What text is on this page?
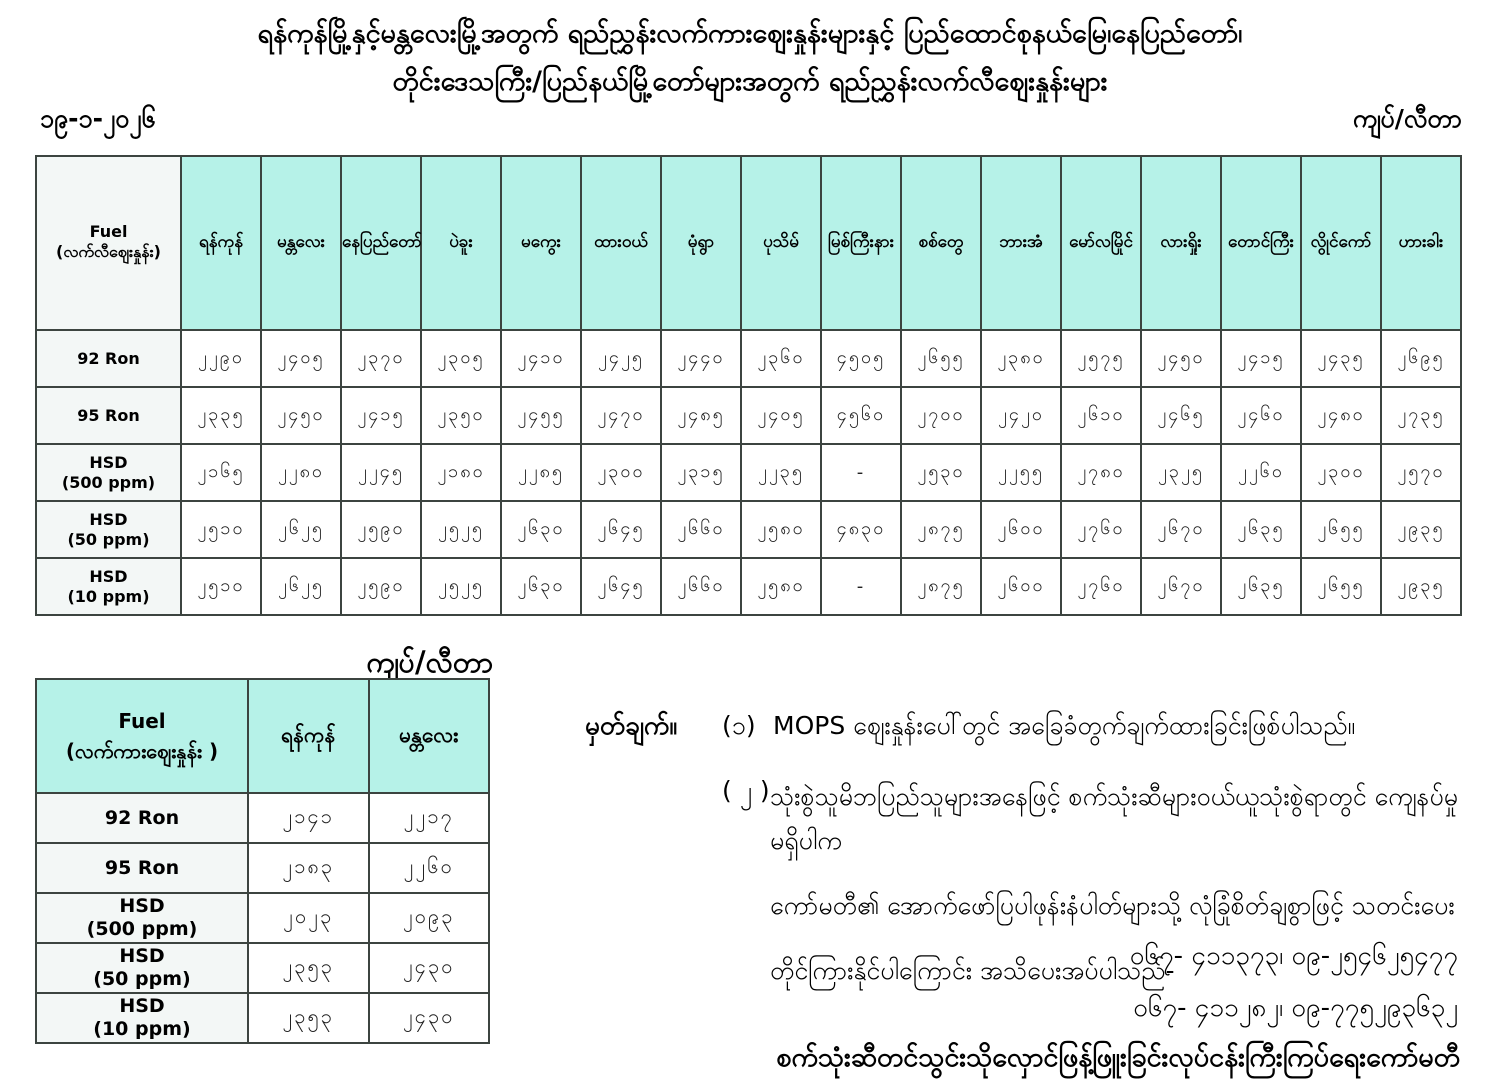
ရန်ကုန်မြို့နှင့်မန္တလေးမြို့အတွက် ရည်ညွှန်းလက်ကားဈေးနှုန်းများနှင့် ပြည်ထောင်စုနယ်မြေ၊နေပြည်တော်၊
တိုင်းဒေသကြီး/ပြည်နယ်မြို့တော်များအတွက် ရည်ညွှန်းလက်လီဈေးနှုန်းများ
၁၉-၁-၂၀၂၆	ကျပ်/လီတာ
Fuel
(လက်လီဈေးနှုန်း)	ရန်ကုန်	မန္တလေး	နေပြည်တော်	ပဲခူး	မကွေး	ထားဝယ်	မုံရွာ	ပုသိမ်	မြစ်ကြီးနား	စစ်တွေ	ဘားအံ	မော်လမြိုင်	လားရှိုး	တောင်ကြီး	လွိုင်ကော်	ဟားခါး

92 Ron	၂၂၉၀	၂၄၀၅	၂၃၇၀	၂၃၀၅	၂၄၁၀	၂၄၂၅	၂၄၄၀	၂၃၆၀	၄၅၀၅	၂၆၅၅	၂၃၈၀	၂၅၇၅	၂၄၅၀	၂၄၁၅	၂၄၃၅	၂၆၉၅

95 Ron	၂၃၃၅	၂၄၅၀	၂၄၁၅	၂၃၅၀	၂၄၅၅	၂၄၇၀	၂၄၈၅	၂၄၀၅	၄၅၆၀	၂၇၀၀	၂၄၂၀	၂၆၁၀	၂၄၆၅	၂၄၆၀	၂၄၈၀	၂၇၃၅

HSD
(500 ppm)	၂၁၆၅	၂၂၈၀	၂၂၄၅	၂၁၈၀	၂၂၈၅	၂၃၀၀	၂၃၁၅	၂၂၃၅	-	၂၅၃၀	၂၂၅၅	၂၇၈၀	၂၃၂၅	၂၂၆၀	၂၃၀၀	၂၅၇၀

HSD
(50 ppm)	၂၅၁၀	၂၆၂၅	၂၅၉၀	၂၅၂၅	၂၆၃၀	၂၆၄၅	၂၆၆၀	၂၅၈၀	၄၈၃၀	၂၈၇၅	၂၆၀၀	၂၇၆၀	၂၆၇၀	၂၆၃၅	၂၆၅၅	၂၉၃၅

HSD
(10 ppm)	၂၅၁၀	၂၆၂၅	၂၅၉၀	၂၅၂၅	၂၆၃၀	၂၆၄၅	၂၆၆၀	၂၅၈၀	-	၂၈၇၅	၂၆၀၀	၂၇၆၀	၂၆၇၀	၂၆၃၅	၂၆၅၅	၂၉၃၅
ကျပ်/လီတာ
Fuel
(လက်ကားဈေးနှုန်း )	ရန်ကုန်	မန္တလေး

92 Ron	၂၁၄၁	၂၂၁၇

95 Ron	၂၁၈၃	၂၂၆၀

HSD
(500 ppm)	၂၀၂၃	၂၀၉၃

HSD
(50 ppm)	၂၃၅၃	၂၄၃၀

HSD
(10 ppm)	၂၃၅၃	၂၄၃၀
မှတ်ချက်။ (၁) MOPS ဈေးနှုန်းပေါ်တွင် အခြေခံတွက်ချက်ထားခြင်းဖြစ်ပါသည်။
( ၂ ) သုံးစွဲသူမိဘပြည်သူများအနေဖြင့် စက်သုံးဆီများဝယ်ယူသုံးစွဲရာတွင် ကျေနပ်မှုမရှိပါက
ကော်မတီ၏ အောက်ဖော်ပြပါဖုန်းနံပါတ်များသို့ လုံခြုံစိတ်ချစွာဖြင့် သတင်းပေး
တိုင်ကြားနိုင်ပါကြောင်း အသိပေးအပ်ပါသည်-
၀၆၇- ၄၁၁၃၇၃၊ ၀၉-၂၅၄၆၂၅၄၇၇
၀၆၇- ၄၁၁၂၈၂၊ ၀၉-၇၇၅၂၉၃၆၃၂
စက်သုံးဆီတင်သွင်းသိုလှောင်ဖြန့်ဖြူးခြင်းလုပ်ငန်းကြီးကြပ်ရေးကော်မတီ
